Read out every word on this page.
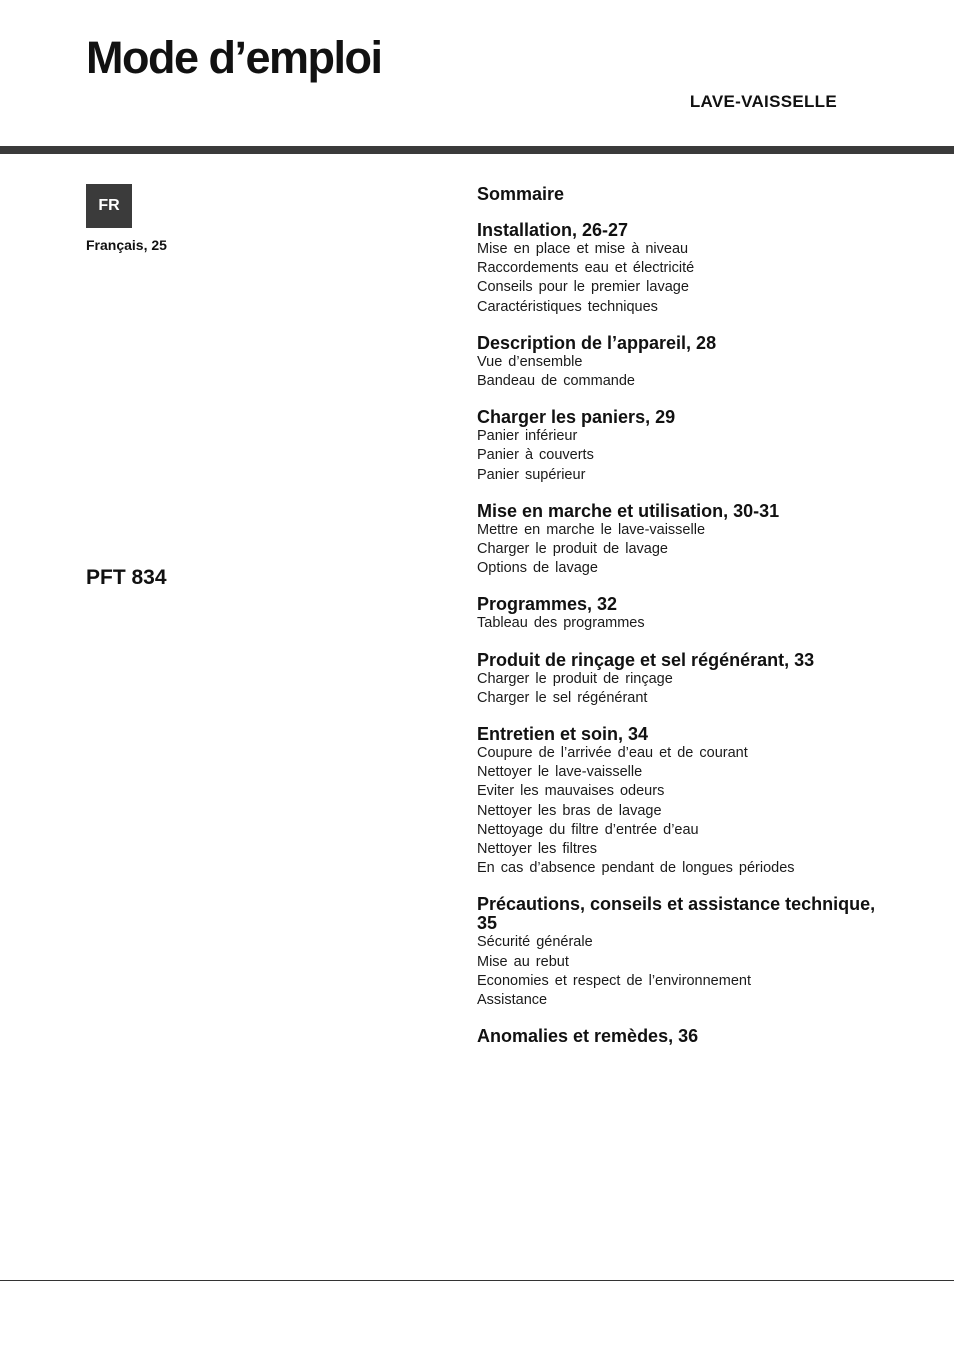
Mode d’emploi
LAVE-VAISSELLE
FR
Français, 25
PFT 834
Sommaire
Installation, 26-27
Mise en place et mise à niveau
Raccordements eau et électricité
Conseils pour le premier lavage
Caractéristiques techniques
Description de l’appareil, 28
Vue d’ensemble
Bandeau de commande
Charger les paniers, 29
Panier inférieur
Panier à couverts
Panier supérieur
Mise en marche et utilisation, 30-31
Mettre en marche le lave-vaisselle
Charger le produit de lavage
Options de lavage
Programmes, 32
Tableau des programmes
Produit de rinçage et sel régénérant, 33
Charger le produit de rinçage
Charger le sel régénérant
Entretien et soin, 34
Coupure de l’arrivée d’eau et de courant
Nettoyer le lave-vaisselle
Eviter les mauvaises odeurs
Nettoyer les bras de lavage
Nettoyage du filtre d’entrée d’eau
Nettoyer les filtres
En cas d’absence pendant de longues périodes
Précautions, conseils et assistance technique, 35
Sécurité générale
Mise au rebut
Economies et respect de l’environnement
Assistance
Anomalies et remèdes, 36
